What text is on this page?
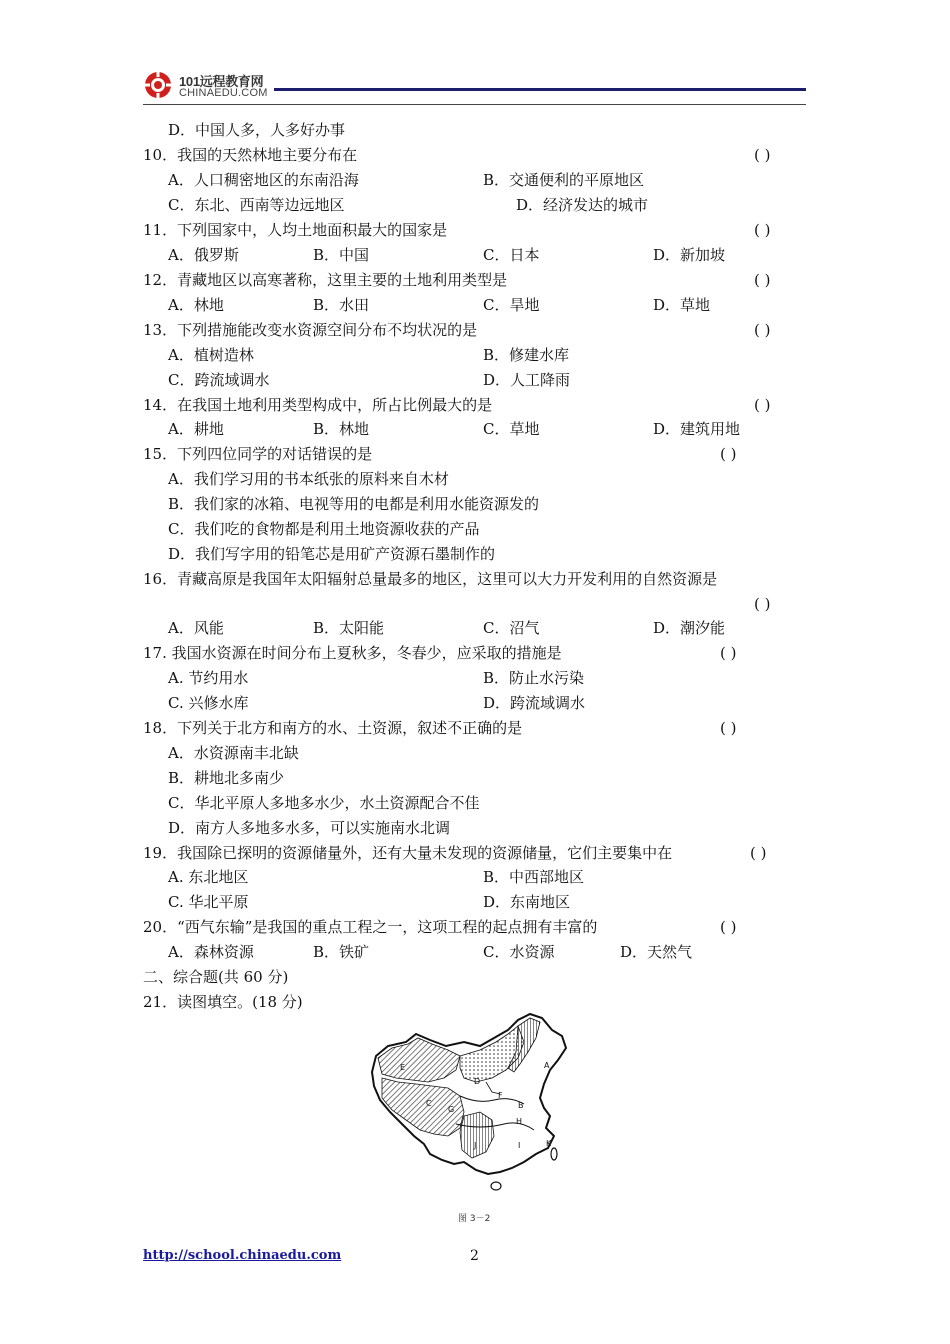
101远程教育网
CHINAEDU.COM
D．中国人多，人多好办事
10．我国的天然林地主要分布在	( )
A．人口稠密地区的东南沿海	B．交通便利的平原地区
C．东北、西南等边远地区	D．经济发达的城市
11．下列国家中，人均土地面积最大的国家是	( )
A．俄罗斯	B．中国	C．日本	D．新加坡
12．青藏地区以高寒著称，这里主要的土地利用类型是	( )
A．林地	B．水田	C．旱地	D．草地
13．下列措施能改变水资源空间分布不均状况的是	( )
A．植树造林	B．修建水库
C．跨流域调水	D．人工降雨
14．在我国土地利用类型构成中，所占比例最大的是	( )
A．耕地	B．林地	C．草地	D．建筑用地
15．下列四位同学的对话错误的是	( )
A．我们学习用的书本纸张的原料来自木材
B．我们家的冰箱、电视等用的电都是利用水能资源发的
C．我们吃的食物都是利用土地资源收获的产品
D．我们写字用的铅笔芯是用矿产资源石墨制作的
16．青藏高原是我国年太阳辐射总量最多的地区，这里可以大力开发利用的自然资源是
( )
A．风能	B．太阳能	C．沼气	D．潮汐能
17. 我国水资源在时间分布上夏秋多，冬春少，应采取的措施是	( )
A. 节约用水	B．防止水污染
C. 兴修水库	D．跨流域调水
18．下列关于北方和南方的水、土资源，叙述不正确的是	( )
A．水资源南丰北缺
B．耕地北多南少
C．华北平原人多地多水少，水土资源配合不佳
D．南方人多地多水多，可以实施南水北调
19．我国除已探明的资源储量外，还有大量未发现的资源储量，它们主要集中在	( )
A. 东北地区	B．中西部地区
C. 华北平原	D．东南地区
20．“西气东输”是我国的重点工程之一，这项工程的起点拥有丰富的	( )
A．森林资源	B．铁矿	C．水资源	D．天然气
二、综合题(共 60 分)
21．读图填空。(18 分)
A
B
C
D
E
F
G
H
I
J	K
图 3－2
http://school.chinaedu.com	2
